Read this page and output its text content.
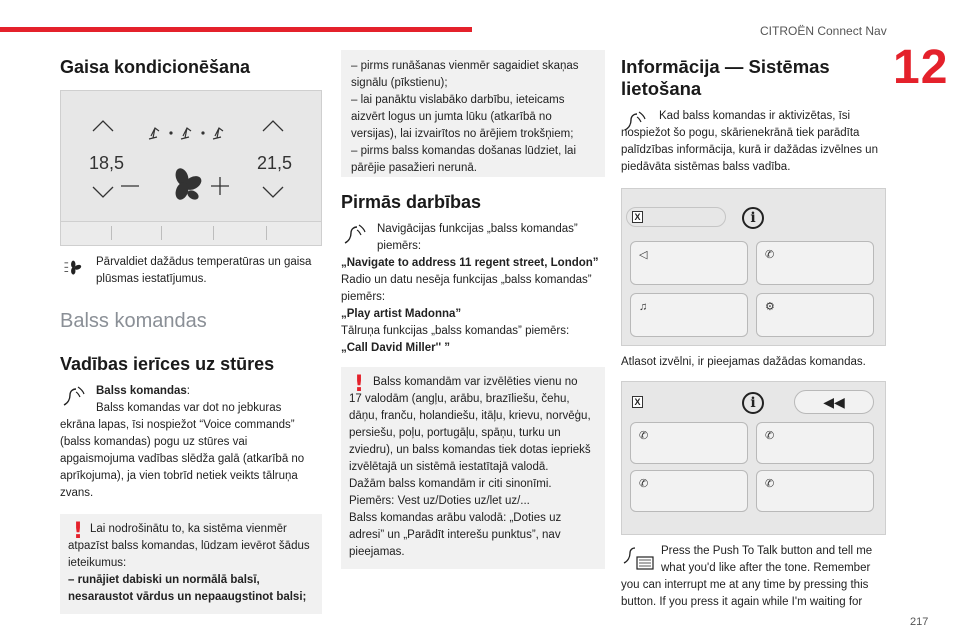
CITROËN Connect Nav
12
217
Gaisa kondicionēšana
18,5	21,5
Pārvaldiet dažādus temperatūras un gaisa plūsmas iestatījumus.
Balss komandas
Vadības ierīces uz stūres
Balss komandas:
Balss komandas var dot no jebkuras
ekrāna lapas, īsi nospiežot “Voice commands” (balss komandas) pogu uz stūres vai apgaismojuma vadības slēdža galā (atkarībā no aprīkojuma), ja vien tobrīd netiek veikts tālruņa zvans.
! Lai nodrošinātu to, ka sistēma vienmēr
atpazīst balss komandas, lūdzam ievērot šādus ieteikumus:
– runājiet dabiski un normālā balsī, nesaraustot vārdus un nepaaugstinot balsi;
– pirms runāšanas vienmēr sagaidiet skaņas signālu (pīkstienu);
– lai panāktu vislabāko darbību, ieteicams aizvērt logus un jumta lūku (atkarībā no versijas), lai izvairītos no ārējiem trokšņiem;
– pirms balss komandas došanas lūdziet, lai pārējie pasažieri nerunā.
Pirmās darbības
Navigācijas funkcijas „balss komandas”
piemērs:
„Navigate to address 11 regent street, London”
Radio un datu nesēja funkcijas „balss komandas” piemērs:
„Play artist Madonna”
Tālruņa funkcijas „balss komandas” piemērs:
„Call David Miller'' ”
! Balss komandām var izvēlēties vienu no
17 valodām (angļu, arābu, brazīliešu, čehu, dāņu, franču, holandiešu, itāļu, krievu, norvēģu, persiešu, poļu, portugāļu, spāņu, turku un zviedru), un balss komandas tiek dotas iepriekš izvēlētajā un sistēmā iestatītajā valodā.
Dažām balss komandām ir citi sinonīmi.
Piemērs: Vest uz/Doties uz/let uz/...
Balss komandas arābu valodā: „Doties uz adresi” un „Parādīt interešu punktus”, nav pieejamas.
Informācija — Sistēmas lietošana
Kad balss komandas ir aktivizētas, īsi
nospiežot šo pogu, skārienekrānā tiek parādīta palīdzības informācija, kurā ir dažādas izvēlnes un piedāvāta sistēmas balss vadība.
X	i
◁	✆
♫	⚙
Atlasot izvēlni, ir pieejamas dažādas komandas.
X	i	◀◀
✆	✆
✆	✆
Press the Push To Talk button and tell me
what you'd like after the tone. Remember you can interrupt me at any time by pressing this button. If you press it again while I'm waiting for
